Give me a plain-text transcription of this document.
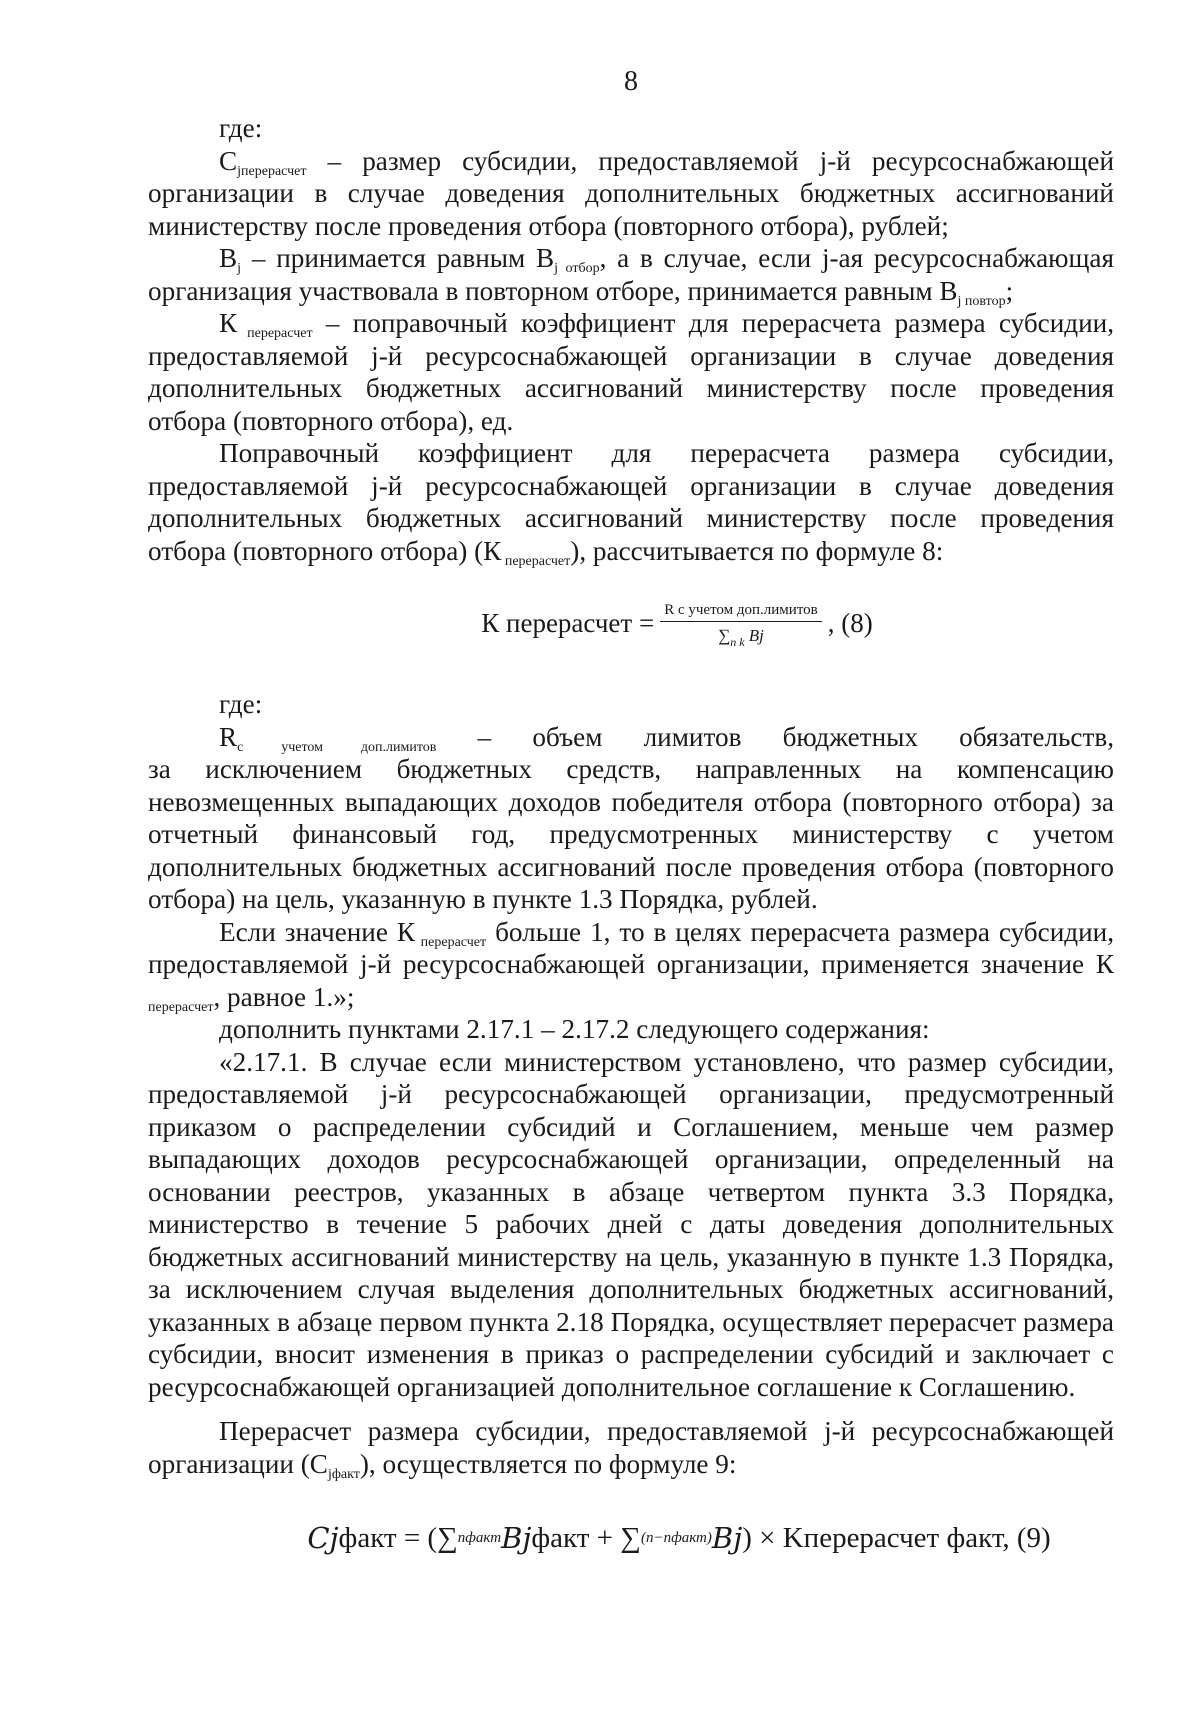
8

где:

$С_{jперерасчет}$ – размер субсидии, предоставляемой j-й ресурсоснабжающей организации в случае доведения дополнительных бюджетных ассигнований министерству после проведения отбора (повторного отбора), рублей;

$В_j$ – принимается равным $В_{j отбор}$, а в случае, если j-ая ресурсоснабжающая организация участвовала в повторном отборе, принимается равным $В_{j повтор}$;

К $_{перерасчет}$ – поправочный коэффициент для перерасчета размера субсидии, предоставляемой j-й ресурсоснабжающей организации в случае доведения дополнительных бюджетных ассигнований министерству после проведения отбора (повторного отбора), ед.

Поправочный коэффициент для перерасчета размера субсидии, предоставляемой j-й ресурсоснабжающей организации в случае доведения дополнительных бюджетных ассигнований министерству после проведения отбора (повторного отбора) (К $_{перерасчет}$), рассчитывается по формуле 8:

К перерасчет = $\frac{\text{R с учетом доп.лимитов}}{\sum_{n k} Bj}$ , (8)

где:

$R_{с учетом доп.лимитов}$ – объем лимитов бюджетных обязательств,

за исключением бюджетных средств, направленных на компенсацию невозмещенных выпадающих доходов победителя отбора (повторного отбора) за отчетный финансовый год, предусмотренных министерству с учетом дополнительных бюджетных ассигнований после проведения отбора (повторного отбора) на цель, указанную в пункте 1.3 Порядка, рублей.

Если значение К $_{перерасчет}$ больше 1, то в целях перерасчета размера субсидии, предоставляемой j-й ресурсоснабжающей организации, применяется значение К $_{перерасчет}$, равное 1.»;

дополнить пунктами 2.17.1 – 2.17.2 следующего содержания:

«2.17.1. В случае если министерством установлено, что размер субсидии, предоставляемой j-й ресурсоснабжающей организации, предусмотренный приказом о распределении субсидий и Соглашением, меньше чем размер выпадающих доходов ресурсоснабжающей организации, определенный на основании реестров, указанных в абзаце четвертом пункта 3.3 Порядка, министерство в течение 5 рабочих дней с даты доведения дополнительных бюджетных ассигнований министерству на цель, указанную в пункте 1.3 Порядка, за исключением случая выделения дополнительных бюджетных ассигнований, указанных в абзаце первом пункта 2.18 Порядка, осуществляет перерасчет размера субсидии, вносит изменения в приказ о распределении субсидий и заключает с ресурсоснабжающей организацией дополнительное соглашение к Соглашению.

Перерасчет размера субсидии, предоставляемой j-й ресурсоснабжающей организации $(С_{jфакт})$, осуществляется по формуле 9:

Cj факт = (∑ nфакт Bj факт + ∑ (n−nфакт) Bj ) × K перерасчет факт, (9)
